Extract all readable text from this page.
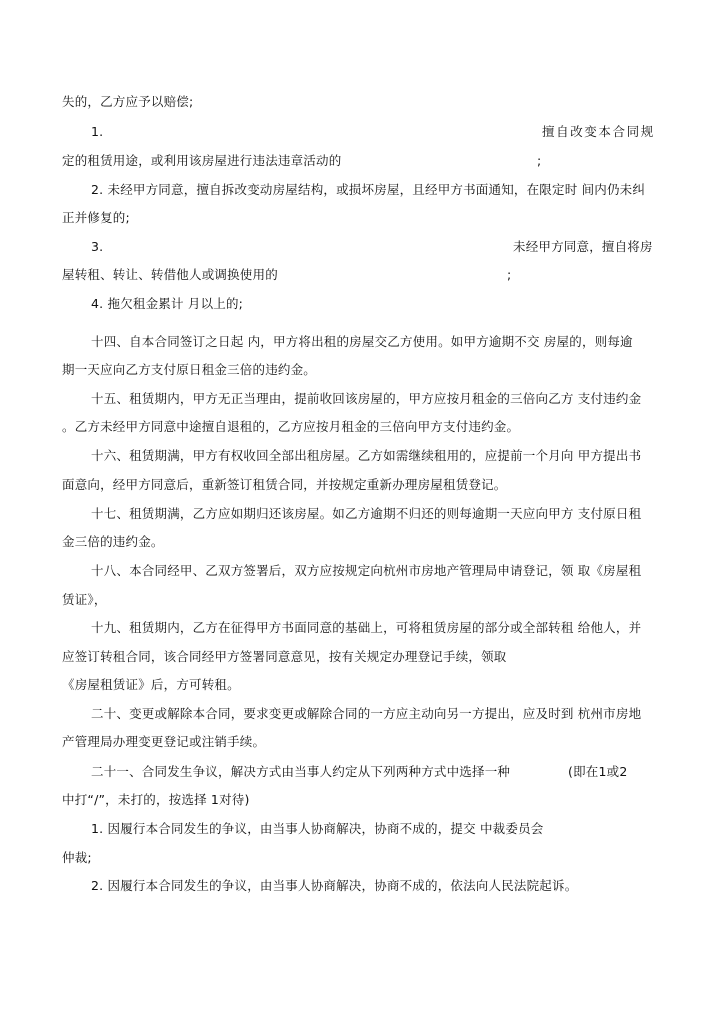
失的，乙方应予以赔偿;
1.	擅自改变本合同规
定的租赁用途，或利用该房屋进行违法违章活动的	;
2. 未经甲方同意，擅自拆改变动房屋结构，或损坏房屋，且经甲方书面通知，在限定时 间内仍未纠
正并修复的;
3.	未经甲方同意，擅自将房
屋转租、转让、转借他人或调换使用的	;
4. 拖欠租金累计 月以上的;
十四、自本合同签订之日起 内，甲方将出租的房屋交乙方使用。如甲方逾期不交 房屋的，则每逾
期一天应向乙方支付原日租金三倍的违约金。
十五、租赁期内，甲方无正当理由，提前收回该房屋的，甲方应按月租金的三倍向乙方 支付违约金
。乙方未经甲方同意中途擅自退租的，乙方应按月租金的三倍向甲方支付违约金。
十六、租赁期满，甲方有权收回全部出租房屋。乙方如需继续租用的，应提前一个月向 甲方提出书
面意向，经甲方同意后，重新签订租赁合同，并按规定重新办理房屋租赁登记。
十七、租赁期满，乙方应如期归还该房屋。如乙方逾期不归还的则每逾期一天应向甲方 支付原日租
金三倍的违约金。
十八、本合同经甲、乙双方签署后，双方应按规定向杭州市房地产管理局申请登记，领 取《房屋租
赁证》，
十九、租赁期内，乙方在征得甲方书面同意的基础上，可将租赁房屋的部分或全部转租 给他人，并
应签订转租合同，该合同经甲方签署同意意见，按有关规定办理登记手续，领取
《房屋租赁证》后，方可转租。
二十、变更或解除本合同，要求变更或解除合同的一方应主动向另一方提出，应及时到 杭州市房地
产管理局办理变更登记或注销手续。
二十一、合同发生争议，解决方式由当事人约定从下列两种方式中选择一种	(即在1或2
中打“/”，未打的，按选择 1对待)
1. 因履行本合同发生的争议，由当事人协商解决，协商不成的，提交 中裁委员会
仲裁;
2. 因履行本合同发生的争议，由当事人协商解决，协商不成的，依法向人民法院起诉。
